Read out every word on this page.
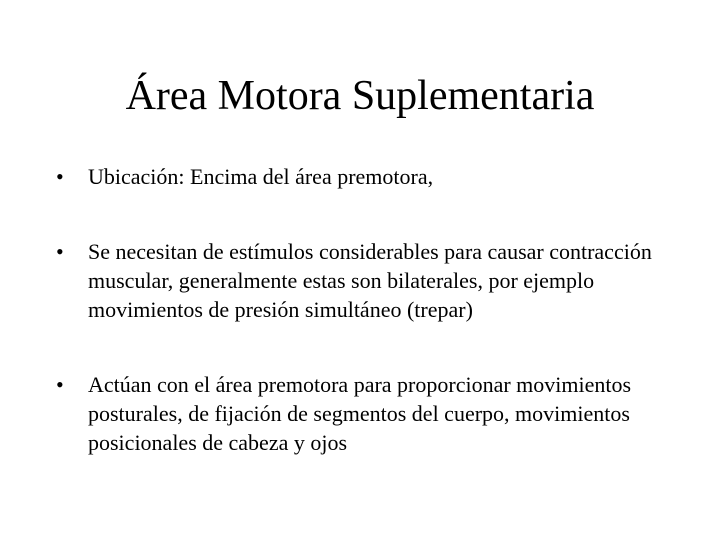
Área Motora Suplementaria
•	Ubicación: Encima del área premotora,
•	Se necesitan de estímulos considerables para causar contracción muscular, generalmente estas son bilaterales, por ejemplo movimientos de presión simultáneo (trepar)
•	Actúan con el área premotora para proporcionar movimientos posturales, de fijación de segmentos del cuerpo, movimientos posicionales de cabeza y ojos
